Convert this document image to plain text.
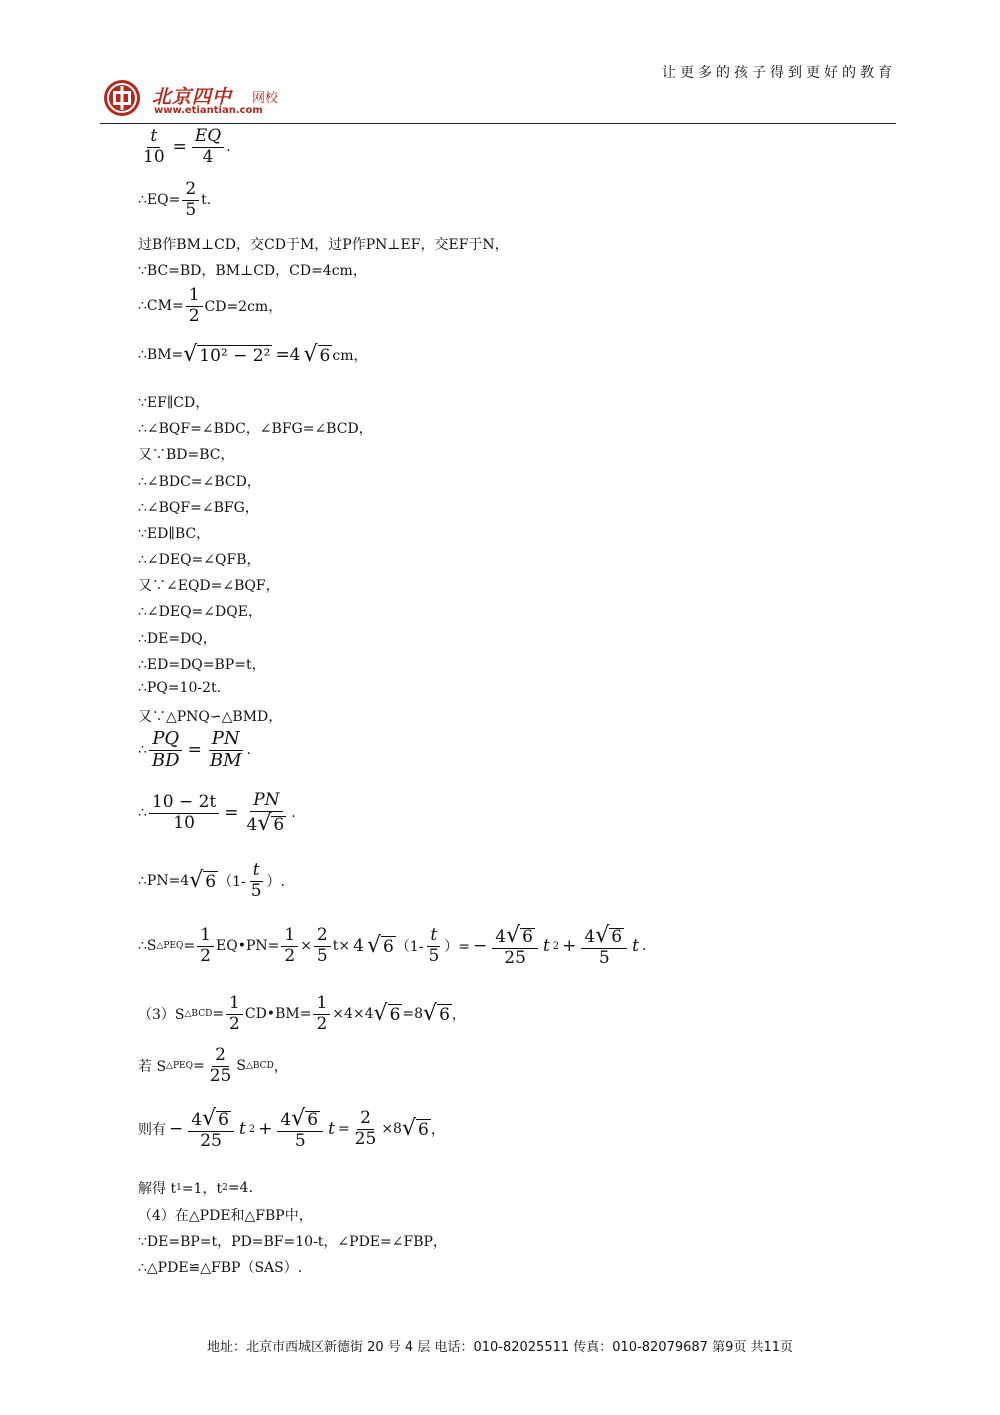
北京四中 网校
www.etiantian.com
让更多的孩子得到更好的教育
$\frac{t}{10} = \frac{EQ}{4}$ .
∴EQ= $\frac{2}{5} t$.
过B作BM⊥CD，交CD于M，过P作PN⊥EF，交EF于N，
∵BC=BD，BM⊥CD，CD=4cm，
∴CM= $\frac{1}{2} CD=2cm$，
∴BM= √ 10² − 2² =4 √ 6 cm，
∵EF∥CD，
∴∠BQF=∠BDC，∠BFG=∠BCD，
又∵BD=BC，
∴∠BDC=∠BCD，
∴∠BQF=∠BFG，
∵ED∥BC，
∴∠DEQ=∠QFB，
又∵∠EQD=∠BQF，
∴∠DEQ=∠DQE，
∴DE=DQ，
∴ED=DQ=BP=t，
∴PQ=10-2t.
又∵△PNQ∽△BMD，
∴ $\frac{PQ}{BD} = \frac{PN}{BM}$ .
∴ $\frac{10 - 2t}{10} = \frac{PN}{4 √ 6}$ .
∴PN=4 √ 6 （$1- \frac{t}{5}$ ）.
∴S △PEQ = $\frac{1}{2}$ EQ•PN= $\frac{1}{2} \times \frac{2}{5} t\times 4$ √ 6 （$1- \frac{t}{5}$ ）= − $\frac{4 √ 6}{25}$ t $2 + \frac{4 √ 6}{5}$ t .
（3）S △BCD = $\frac{1}{2}$ CD•BM= $\frac{1}{2} \times 4\times 4$ √ 6 =8 √ 6 ，
若 S △PEQ = $\frac{2}{25}$ S △BCD ，
则有 − $\frac{4 √ 6}{25}$ t $2 + \frac{4 √ 6}{5}$ $t = \frac{2}{25} \times 8$ √ 6 ，
解得 t 1 =1，t 2 =4.
（4）在△PDE和△FBP中，
∵DE=BP=t，PD=BF=10-t，∠PDE=∠FBP，
∴△PDE≌△FBP（SAS）.
地址：北京市西城区新德街 20 号 4 层 电话：010-82025511 传真：010-82079687 第9页 共11页
